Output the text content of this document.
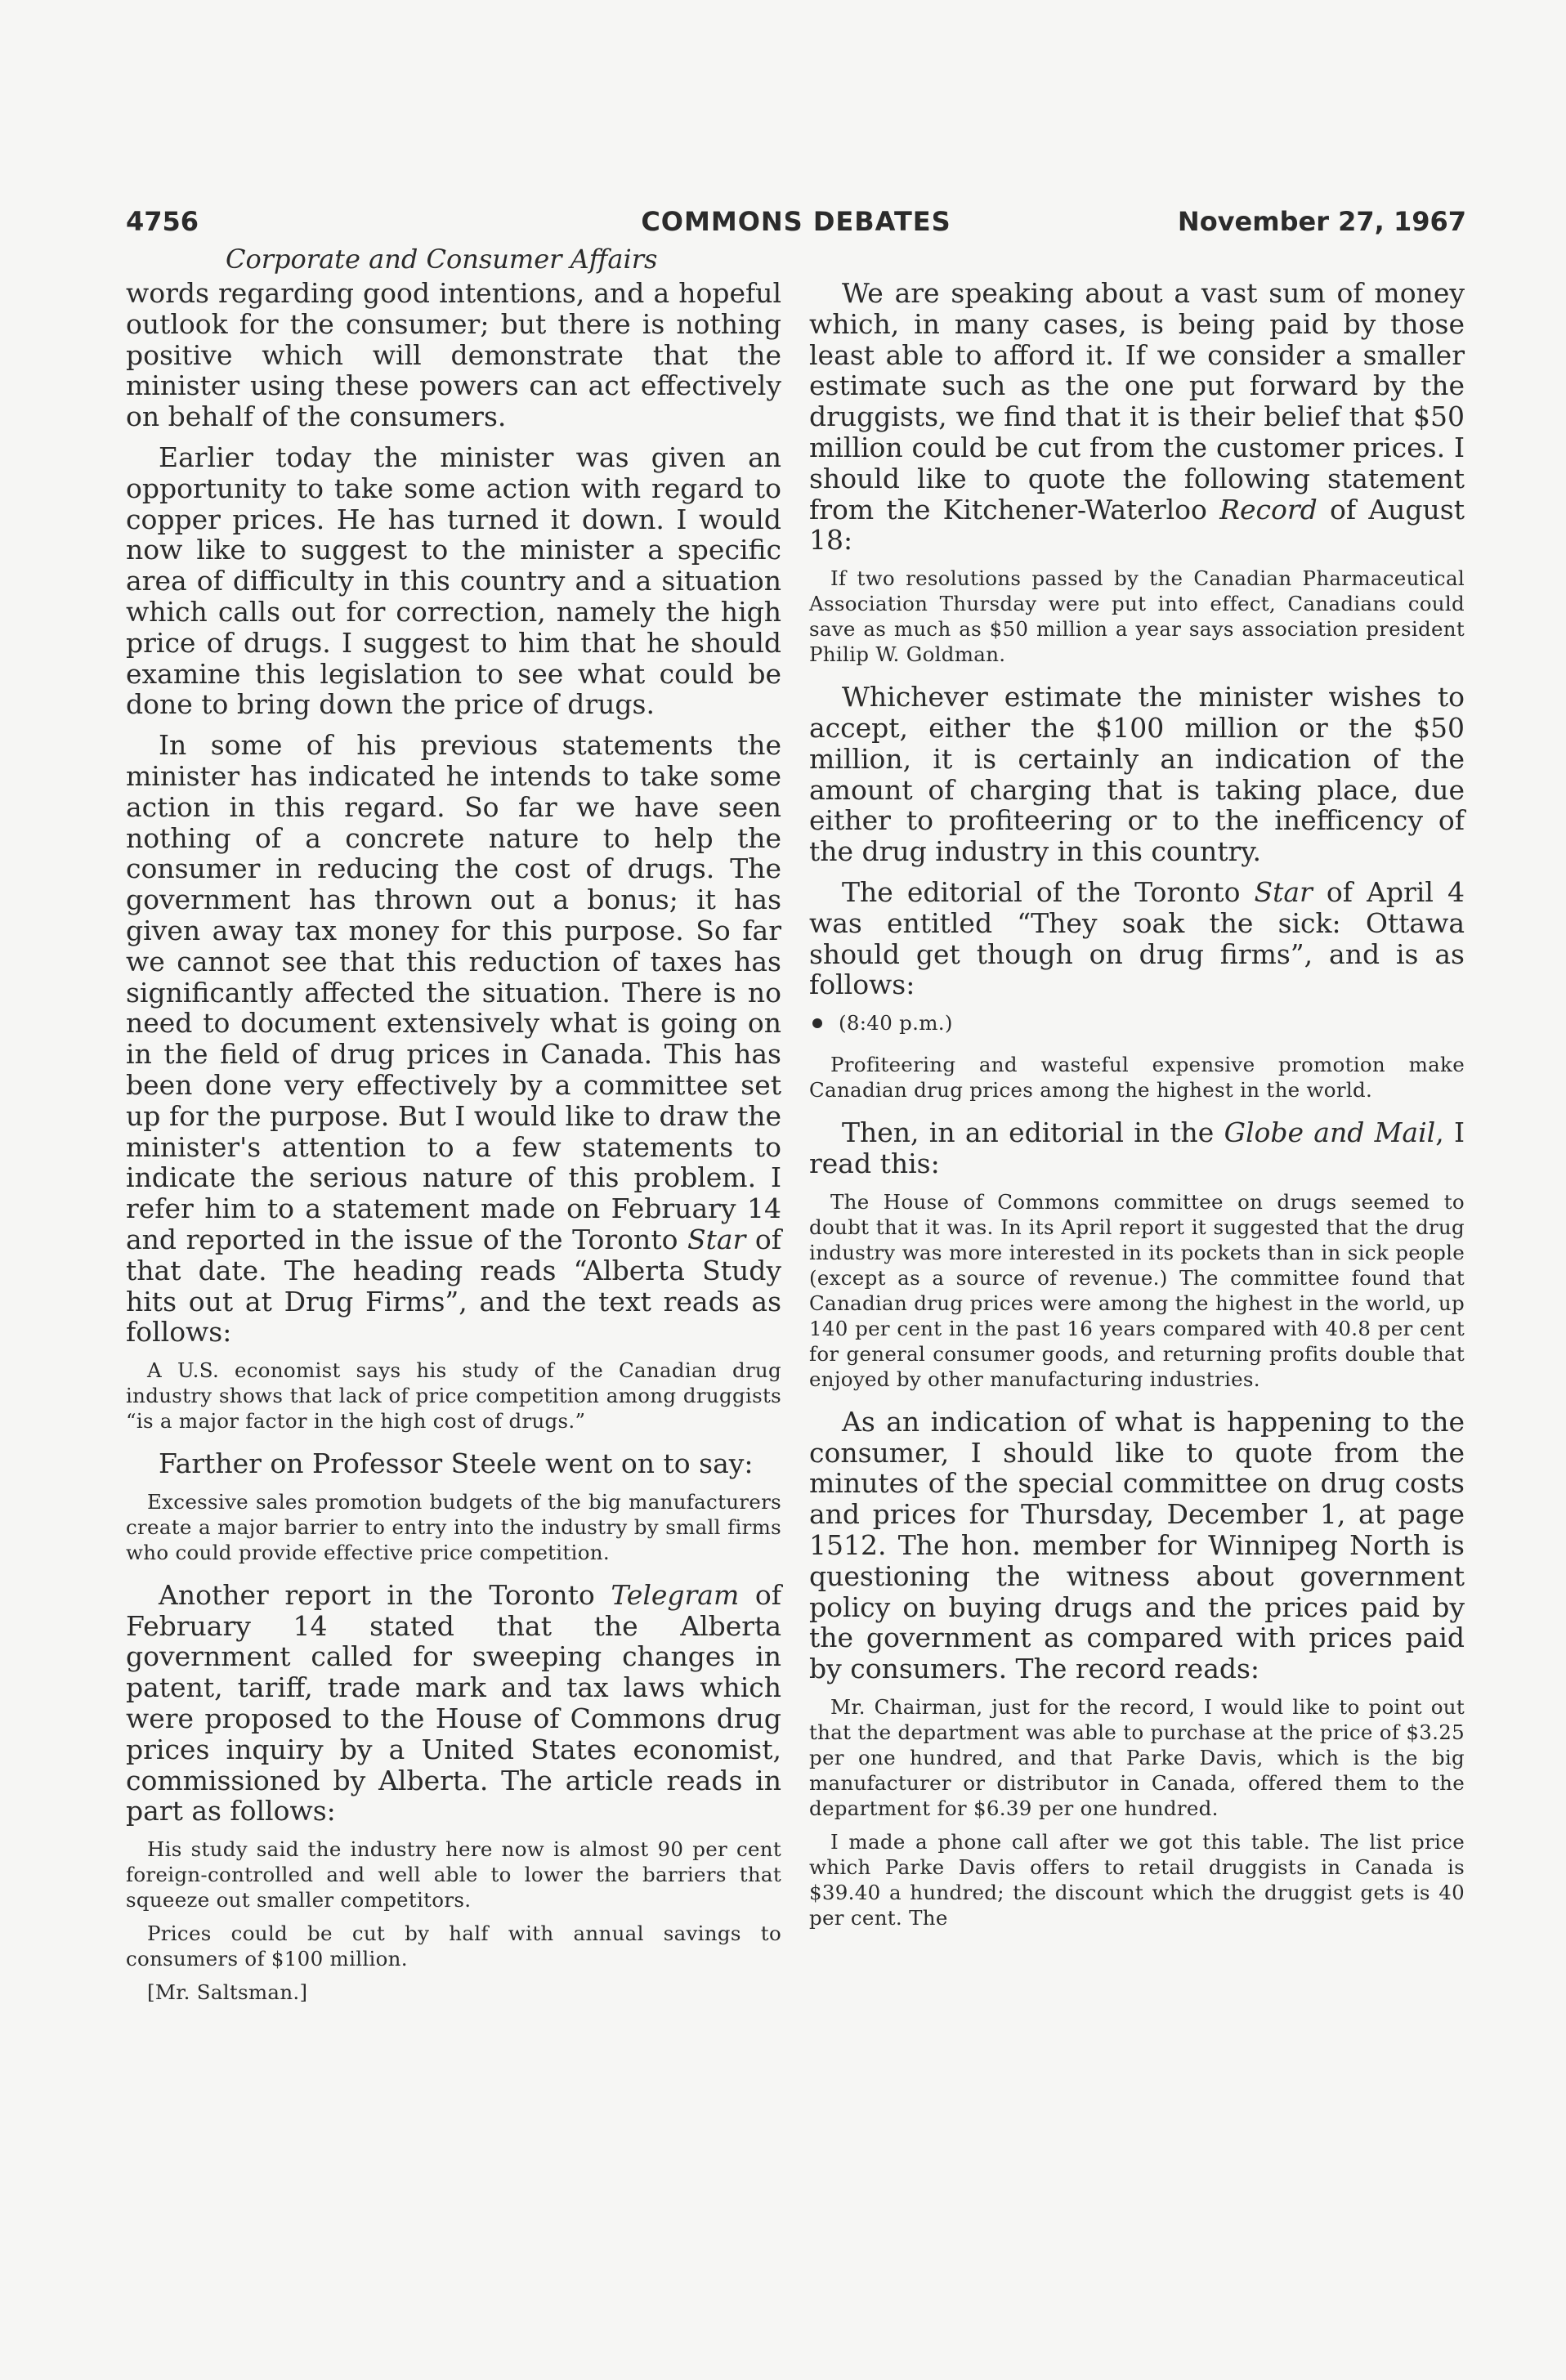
4756	COMMONS DEBATES	November 27, 1967
Corporate and Consumer Affairs

words regarding good intentions, and a hopeful outlook for the consumer; but there is nothing positive which will demonstrate that the minister using these powers can act effectively on behalf of the consumers.

Earlier today the minister was given an opportunity to take some action with regard to copper prices. He has turned it down. I would now like to suggest to the minister a specific area of difficulty in this country and a situation which calls out for correction, namely the high price of drugs. I suggest to him that he should examine this legislation to see what could be done to bring down the price of drugs.

In some of his previous statements the minister has indicated he intends to take some action in this regard. So far we have seen nothing of a concrete nature to help the consumer in reducing the cost of drugs. The government has thrown out a bonus; it has given away tax money for this purpose. So far we cannot see that this reduction of taxes has significantly affected the situation. There is no need to document extensively what is going on in the field of drug prices in Canada. This has been done very effectively by a committee set up for the purpose. But I would like to draw the minister's attention to a few statements to indicate the serious nature of this problem. I refer him to a statement made on February 14 and reported in the issue of the Toronto Star of that date. The heading reads “Alberta Study hits out at Drug Firms”, and the text reads as follows:

A U.S. economist says his study of the Canadian drug industry shows that lack of price competition among druggists “is a major factor in the high cost of drugs.”

Farther on Professor Steele went on to say:

Excessive sales promotion budgets of the big manufacturers create a major barrier to entry into the industry by small firms who could provide effective price competition.

Another report in the Toronto Telegram of February 14 stated that the Alberta government called for sweeping changes in patent, tariff, trade mark and tax laws which were proposed to the House of Commons drug prices inquiry by a United States economist, commissioned by Alberta. The article reads in part as follows:

His study said the industry here now is almost 90 per cent foreign-controlled and well able to lower the barriers that squeeze out smaller competitors.

Prices could be cut by half with annual savings to consumers of $100 million.

[Mr. Saltsman.]

We are speaking about a vast sum of money which, in many cases, is being paid by those least able to afford it. If we consider a smaller estimate such as the one put forward by the druggists, we find that it is their belief that $50 million could be cut from the customer prices. I should like to quote the following statement from the Kitchener-Waterloo Record of August 18:

If two resolutions passed by the Canadian Pharmaceutical Association Thursday were put into effect, Canadians could save as much as $50 million a year says association president Philip W. Goldman.

Whichever estimate the minister wishes to accept, either the $100 million or the $50 million, it is certainly an indication of the amount of charging that is taking place, due either to profiteering or to the inefficency of the drug industry in this country.

The editorial of the Toronto Star of April 4 was entitled “They soak the sick: Ottawa should get though on drug firms”, and is as follows:

(8:40 p.m.)

Profiteering and wasteful expensive promotion make Canadian drug prices among the highest in the world.

Then, in an editorial in the Globe and Mail, I read this:

The House of Commons committee on drugs seemed to doubt that it was. In its April report it suggested that the drug industry was more interested in its pockets than in sick people (except as a source of revenue.) The committee found that Canadian drug prices were among the highest in the world, up 140 per cent in the past 16 years compared with 40.8 per cent for general consumer goods, and returning profits double that enjoyed by other manufacturing industries.

As an indication of what is happening to the consumer, I should like to quote from the minutes of the special committee on drug costs and prices for Thursday, December 1, at page 1512. The hon. member for Winnipeg North is questioning the witness about government policy on buying drugs and the prices paid by the government as compared with prices paid by consumers. The record reads:

Mr. Chairman, just for the record, I would like to point out that the department was able to purchase at the price of $3.25 per one hundred, and that Parke Davis, which is the big manufacturer or distributor in Canada, offered them to the department for $6.39 per one hundred.

I made a phone call after we got this table. The list price which Parke Davis offers to retail druggists in Canada is $39.40 a hundred; the discount which the druggist gets is 40 per cent. The
